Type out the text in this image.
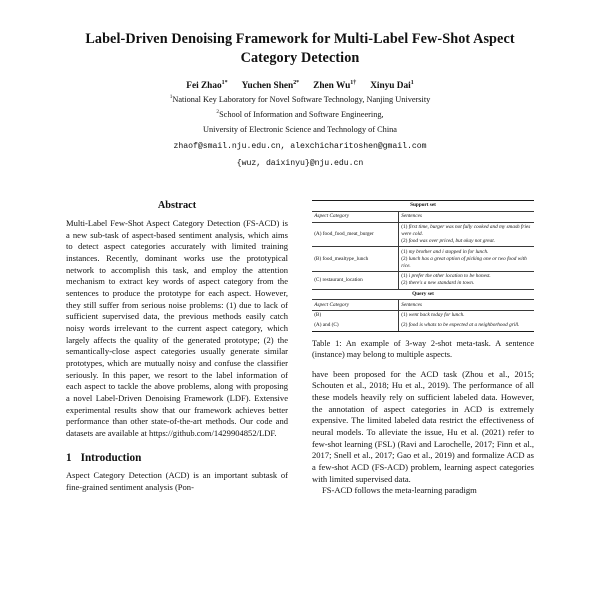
Label-Driven Denoising Framework for Multi-Label Few-Shot Aspect Category Detection
Fei Zhao$^{1*}$ Yuchen Shen$^{2*}$ Zhen $Wu^{1\dagger}$ Xinyu Dai$^1$
$^1$National Key Laboratory for Novel Software Technology, Nanjing University
$^2$School of Information and Software Engineering,
University of Electronic Science and Technology of China
zhaof@smail.nju.edu.cn, alexchicharitoshen@gmail.com
{wuz, daixinyu}@nju.edu.cn
Abstract

Multi-Label Few-Shot Aspect Category Detection (FS-ACD) is a new sub-task of aspect-based sentiment analysis, which aims to detect aspect categories accurately with limited training instances. Recently, dominant works use the prototypical network to accomplish this task, and employ the attention mechanism to extract key words of aspect category from the sentences to produce the prototype for each aspect. However, they still suffer from serious noise problems: (1) due to lack of sufficient supervised data, the previous methods easily catch noisy words irrelevant to the current aspect category, which largely affects the quality of the generated prototype; (2) the semantically-close aspect categories usually generate similar prototypes, which are mutually noisy and confuse the classifier seriously. In this paper, we resort to the label information of each aspect to tackle the above problems, along with proposing a novel Label-Driven Denoising Framework (LDF). Extensive experimental results show that our framework achieves better performance than other state-of-the-art methods. Our code and datasets are available at https://github.com/1429904852/LDF.

1 Introduction

Aspect Category Detection (ACD) is an important subtask of fine-grained sentiment analysis (Pon-

Support set	
Aspect Category	Sentences
(A) food_food_meat_burger	(1) first time, burger was not fully cooked and my smash fries were cold.
(2) food was over priced, but okay not great.

(B) food_mealtype_lunch	(1) my brother and i stopped in for lunch.
(2) lunch has a great option of picking one or two food with rice.

(C) restaurant_location	(1) i prefer the other location to be honest.
(2) there's a new standard in town.

Query set	
Aspect Category	Sentences
(B)	(1) went back today for lunch.

(A) and (C)	(2) food is whats to be expected at a neighborhood grill.

Table 1: An example of 3-way 2-shot meta-task. A sentence (instance) may belong to multiple aspects.

have been proposed for the ACD task (Zhou et al., 2015; Schouten et al., 2018; Hu et al., 2019). The performance of all these models heavily rely on sufficient labeled data. However, the annotation of aspect categories in ACD is extremely expensive. The limited labeled data restrict the effectiveness of neural models. To alleviate the issue, Hu et al. (2021) refer to few-shot learning (FSL) (Ravi and Larochelle, 2017; Finn et al., 2017; Snell et al., 2017; Gao et al., 2019) and formalize ACD as a few-shot ACD (FS-ACD) problem, learning aspect categories with limited supervised data.

FS-ACD follows the meta-learning paradigm
